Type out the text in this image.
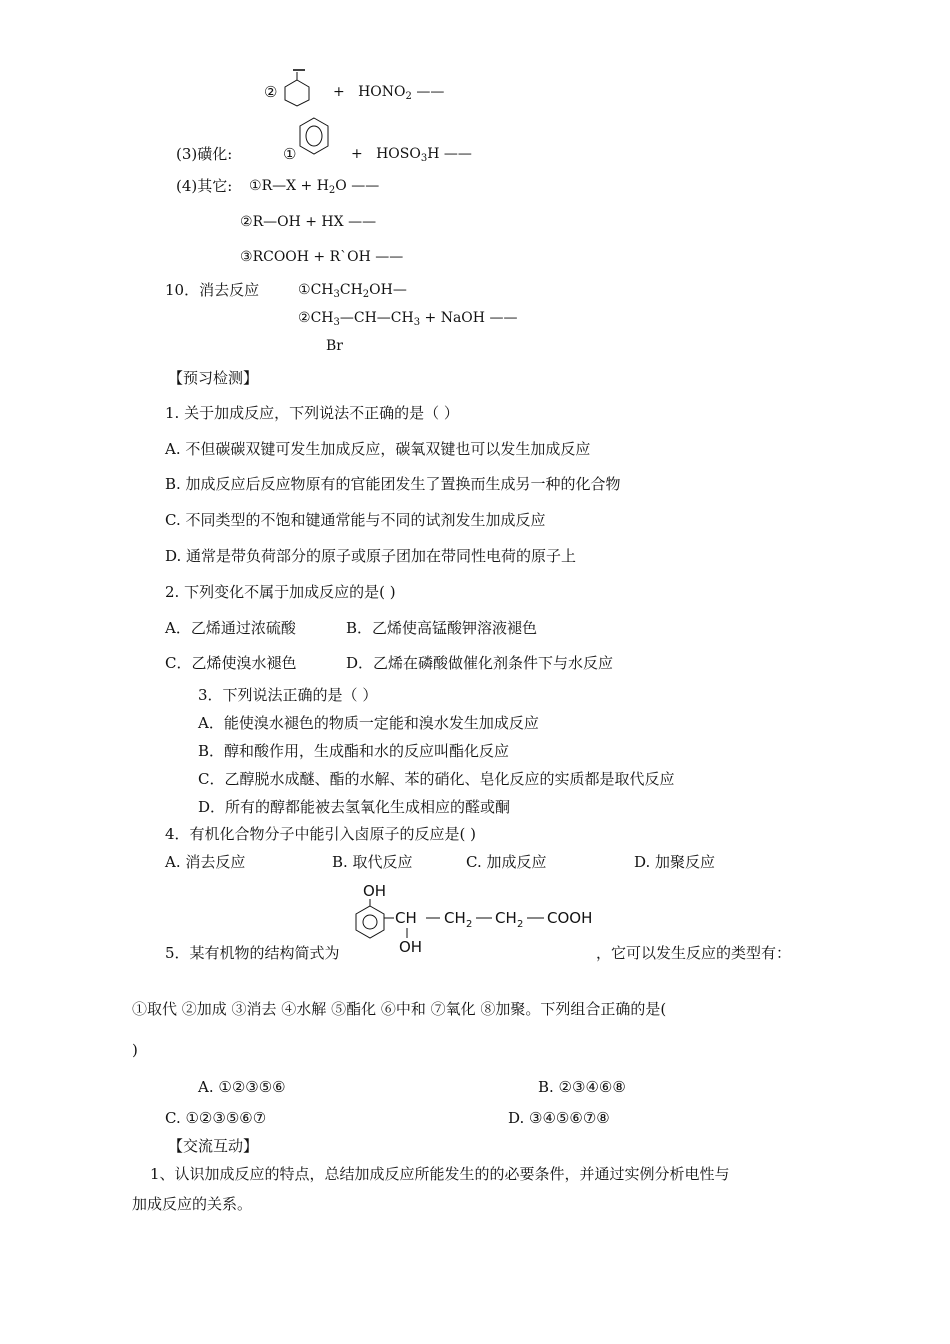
②	+ $HONO_2$ ——
(3)磺化:	①	+ $HOSO_3H$ ——
(4)其它: ①R—X + $H_2O$ ——
②R—OH + HX ——
③RCOOH + R`OH ——
10．消去反应	$①CH_3CH_2OH—$
$②CH_3—CH—CH_3$ + NaOH ——
Br
【预习检测】
1. 关于加成反应，下列说法不正确的是（ ）
A. 不但碳碳双键可发生加成反应，碳氧双键也可以发生加成反应
B. 加成反应后反应物原有的官能团发生了置换而生成另一种的化合物
C. 不同类型的不饱和键通常能与不同的试剂发生加成反应
D. 通常是带负荷部分的原子或原子团加在带同性电荷的原子上
2. 下列变化不属于加成反应的是( )
A．乙烯通过浓硫酸	B．乙烯使高锰酸钾溶液褪色
C．乙烯使溴水褪色	D．乙烯在磷酸做催化剂条件下与水反应
3．下列说法正确的是（ ）
A．能使溴水褪色的物质一定能和溴水发生加成反应
B．醇和酸作用，生成酯和水的反应叫酯化反应
C．乙醇脱水成醚、酯的水解、苯的硝化、皂化反应的实质都是取代反应
D．所有的醇都能被去氢氧化生成相应的醛或酮
4．有机化合物分子中能引入卤原子的反应是( )
A. 消去反应	B. 取代反应	C. 加成反应	D. 加聚反应
OH
CH CH 2 CH 2 COOH
OH
5．某有机物的结构简式为	，它可以发生反应的类型有：
①取代 ②加成 ③消去 ④水解 ⑤酯化 ⑥中和 ⑦氧化 ⑧加聚。下列组合正确的是(
)
A. ①②③⑤⑥	B. ②③④⑥⑧
C. ①②③⑤⑥⑦	D. ③④⑤⑥⑦⑧
【交流互动】
1、认识加成反应的特点，总结加成反应所能发生的的必要条件，并通过实例分析电性与
加成反应的关系。
